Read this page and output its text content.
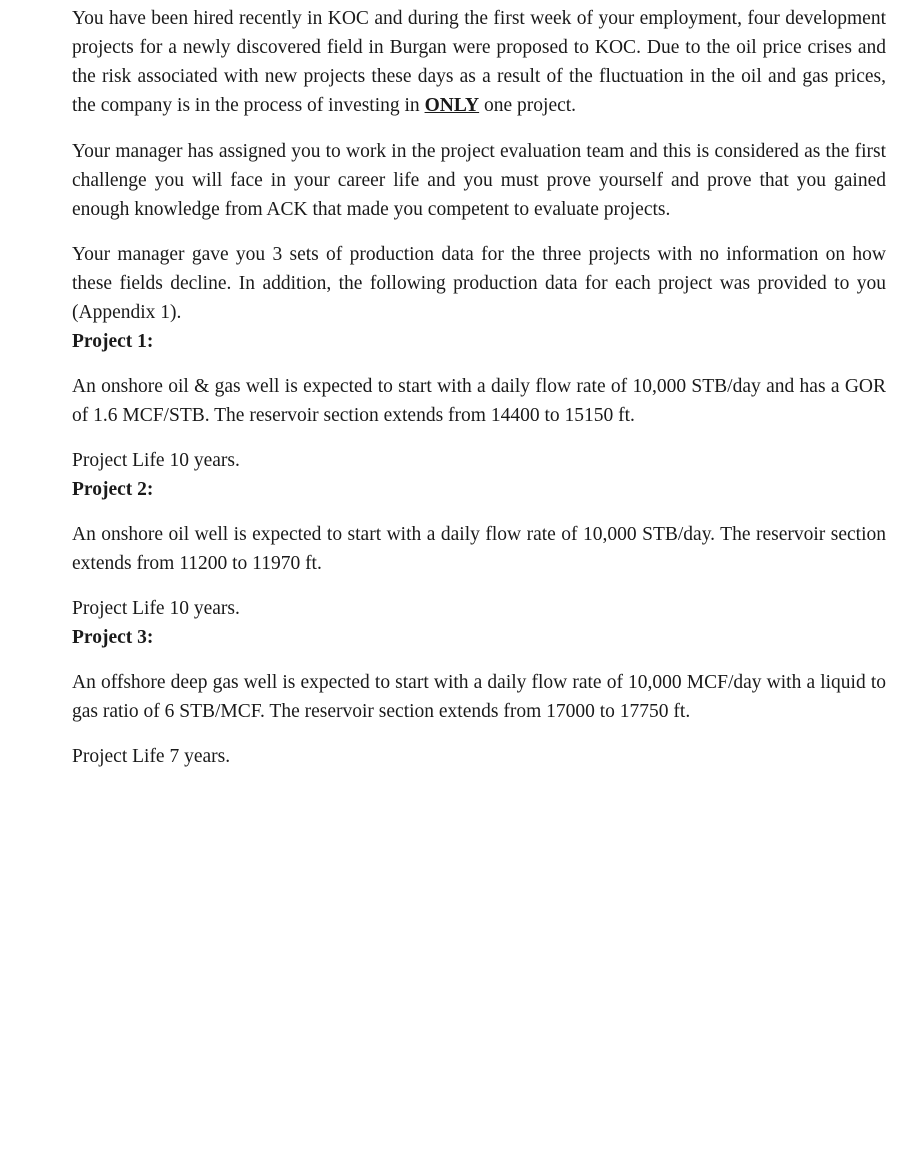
You have been hired recently in KOC and during the first week of your employment, four development projects for a newly discovered field in Burgan were proposed to KOC. Due to the oil price crises and the risk associated with new projects these days as a result of the fluctuation in the oil and gas prices, the company is in the process of investing in ONLY one project.

Your manager has assigned you to work in the project evaluation team and this is considered as the first challenge you will face in your career life and you must prove yourself and prove that you gained enough knowledge from ACK that made you competent to evaluate projects.

Your manager gave you 3 sets of production data for the three projects with no information on how these fields decline. In addition, the following production data for each project was provided to you (Appendix 1).

Project 1:

An onshore oil & gas well is expected to start with a daily flow rate of 10,000 STB/day and has a GOR of 1.6 MCF/STB. The reservoir section extends from 14400 to 15150 ft.

Project Life 10 years.

Project 2:

An onshore oil well is expected to start with a daily flow rate of 10,000 STB/day. The reservoir section extends from 11200 to 11970 ft.

Project Life 10 years.

Project 3:

An offshore deep gas well is expected to start with a daily flow rate of 10,000 MCF/day with a liquid to gas ratio of 6 STB/MCF. The reservoir section extends from 17000 to 17750 ft.

Project Life 7 years.
